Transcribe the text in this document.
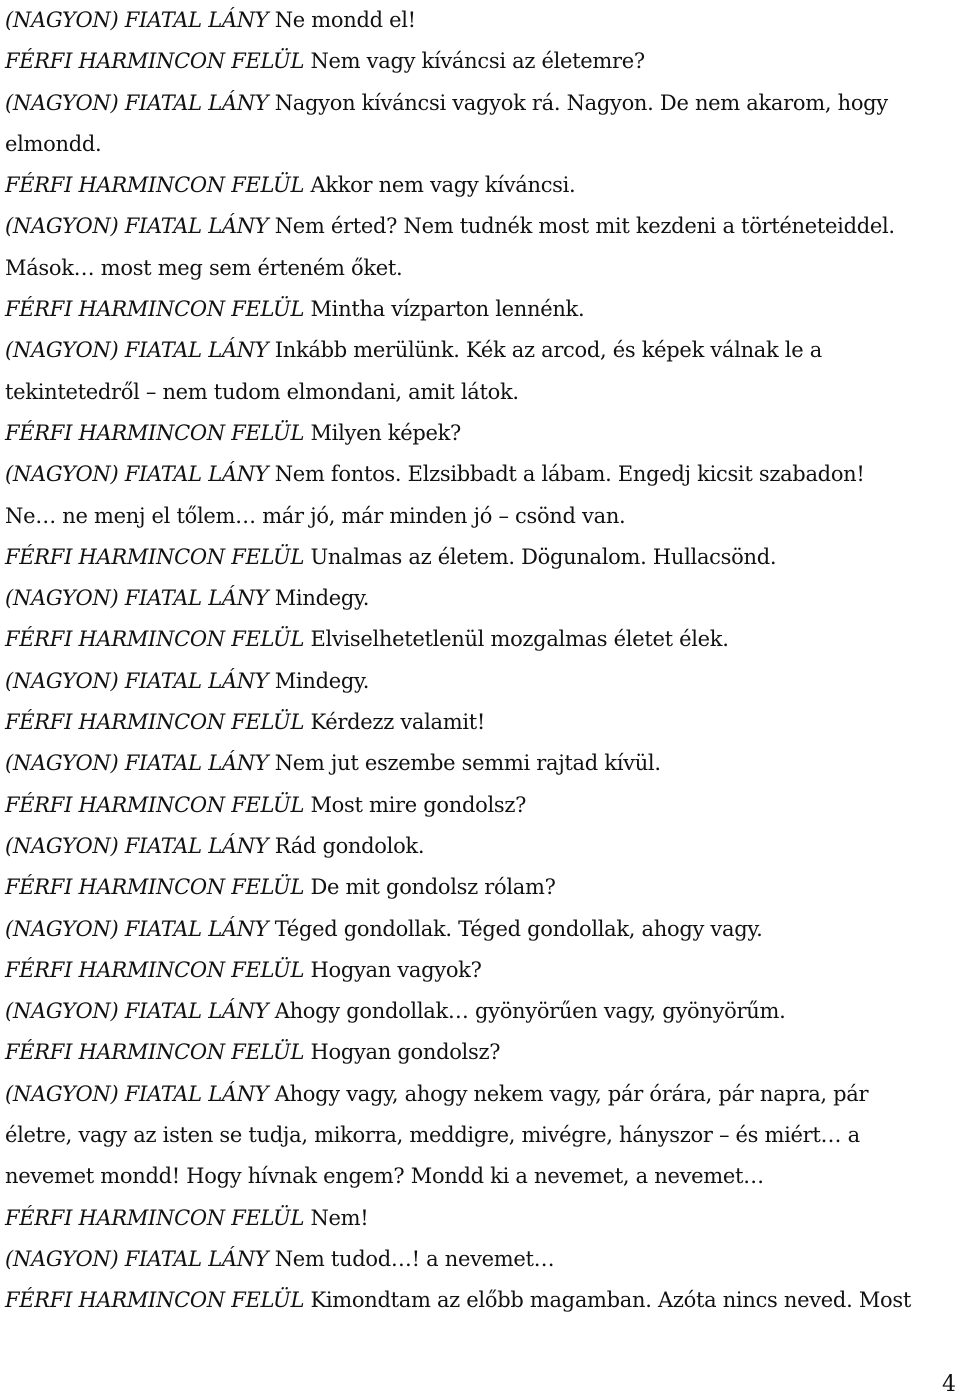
(NAGYON) FIATAL LÁNY Ne mondd el!
FÉRFI HARMINCON FELÜL Nem vagy kíváncsi az életemre?
(NAGYON) FIATAL LÁNY Nagyon kíváncsi vagyok rá. Nagyon. De nem akarom, hogy
elmondd.
FÉRFI HARMINCON FELÜL Akkor nem vagy kíváncsi.
(NAGYON) FIATAL LÁNY Nem érted? Nem tudnék most mit kezdeni a történeteiddel.
Mások… most meg sem érteném őket.
FÉRFI HARMINCON FELÜL Mintha vízparton lennénk.
(NAGYON) FIATAL LÁNY Inkább merülünk. Kék az arcod, és képek válnak le a
tekintetedről – nem tudom elmondani, amit látok.
FÉRFI HARMINCON FELÜL Milyen képek?
(NAGYON) FIATAL LÁNY Nem fontos. Elzsibbadt a lábam. Engedj kicsit szabadon!
Ne… ne menj el tőlem… már jó, már minden jó – csönd van.
FÉRFI HARMINCON FELÜL Unalmas az életem. Dögunalom. Hullacsönd.
(NAGYON) FIATAL LÁNY Mindegy.
FÉRFI HARMINCON FELÜL Elviselhetetlenül mozgalmas életet élek.
(NAGYON) FIATAL LÁNY Mindegy.
FÉRFI HARMINCON FELÜL Kérdezz valamit!
(NAGYON) FIATAL LÁNY Nem jut eszembe semmi rajtad kívül.
FÉRFI HARMINCON FELÜL Most mire gondolsz?
(NAGYON) FIATAL LÁNY Rád gondolok.
FÉRFI HARMINCON FELÜL De mit gondolsz rólam?
(NAGYON) FIATAL LÁNY Téged gondollak. Téged gondollak, ahogy vagy.
FÉRFI HARMINCON FELÜL Hogyan vagyok?
(NAGYON) FIATAL LÁNY Ahogy gondollak… gyönyörűen vagy, gyönyörűm.
FÉRFI HARMINCON FELÜL Hogyan gondolsz?
(NAGYON) FIATAL LÁNY Ahogy vagy, ahogy nekem vagy, pár órára, pár napra, pár
életre, vagy az isten se tudja, mikorra, meddigre, mivégre, hányszor – és miért… a
nevemet mondd! Hogy hívnak engem? Mondd ki a nevemet, a nevemet…
FÉRFI HARMINCON FELÜL Nem!
(NAGYON) FIATAL LÁNY Nem tudod…! a nevemet…
FÉRFI HARMINCON FELÜL Kimondtam az előbb magamban. Azóta nincs neved. Most
4
